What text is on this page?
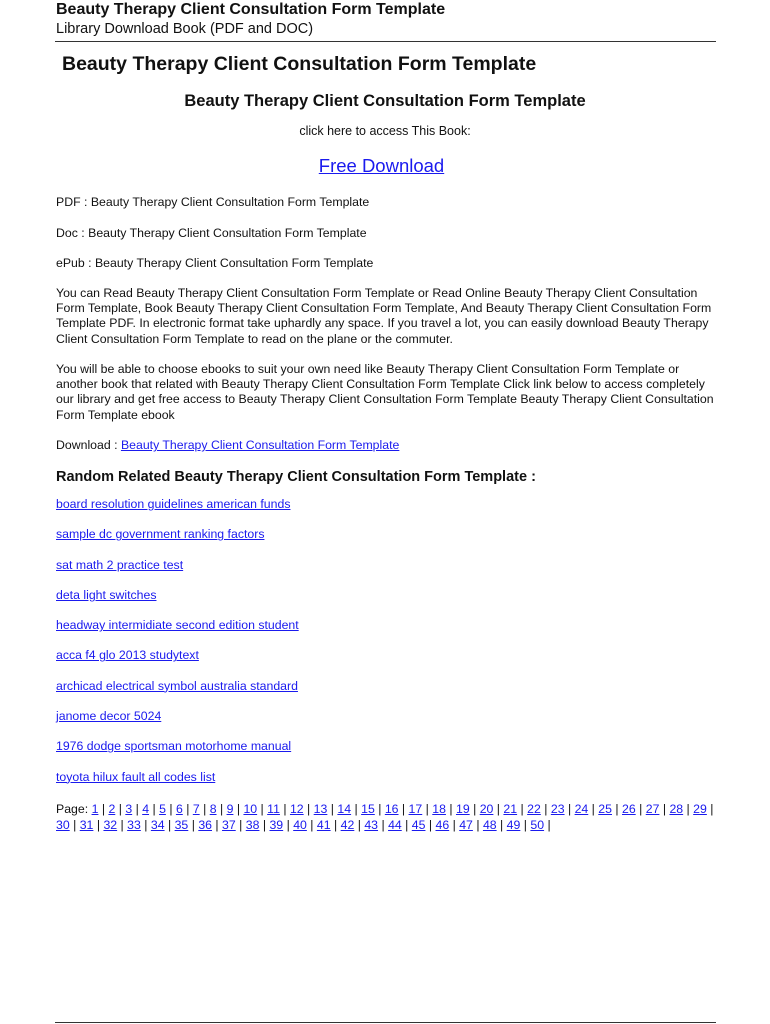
Beauty Therapy Client Consultation Form Template
Library Download Book (PDF and DOC)
Beauty Therapy Client Consultation Form Template
Beauty Therapy Client Consultation Form Template
click here to access This Book:
Free Download
PDF : Beauty Therapy Client Consultation Form Template
Doc : Beauty Therapy Client Consultation Form Template
ePub : Beauty Therapy Client Consultation Form Template

You can Read Beauty Therapy Client Consultation Form Template or Read Online Beauty Therapy Client Consultation Form Template, Book Beauty Therapy Client Consultation Form Template, And Beauty Therapy Client Consultation Form Template PDF. In electronic format take uphardly any space. If you travel a lot, you can easily download Beauty Therapy Client Consultation Form Template to read on the plane or the commuter.

You will be able to choose ebooks to suit your own need like Beauty Therapy Client Consultation Form Template or another book that related with Beauty Therapy Client Consultation Form Template Click link below to access completely our library and get free access to Beauty Therapy Client Consultation Form Template Beauty Therapy Client Consultation Form Template ebook

Download : Beauty Therapy Client Consultation Form Template
Random Related Beauty Therapy Client Consultation Form Template :
board resolution guidelines american funds
sample dc government ranking factors
sat math 2 practice test
deta light switches
headway intermidiate second edition student
acca f4 glo 2013 studytext
archicad electrical symbol australia standard
janome decor 5024
1976 dodge sportsman motorhome manual
toyota hilux fault all codes list
Page: 1 | 2 | 3 | 4 | 5 | 6 | 7 | 8 | 9 | 10 | 11 | 12 | 13 | 14 | 15 | 16 | 17 | 18 | 19 | 20 | 21 | 22 | 23 | 24 | 25 | 26 | 27 | 28 | 29 | 30 | 31 | 32 | 33 | 34 | 35 | 36 | 37 | 38 | 39 | 40 | 41 | 42 | 43 | 44 | 45 | 46 | 47 | 48 | 49 | 50 |
